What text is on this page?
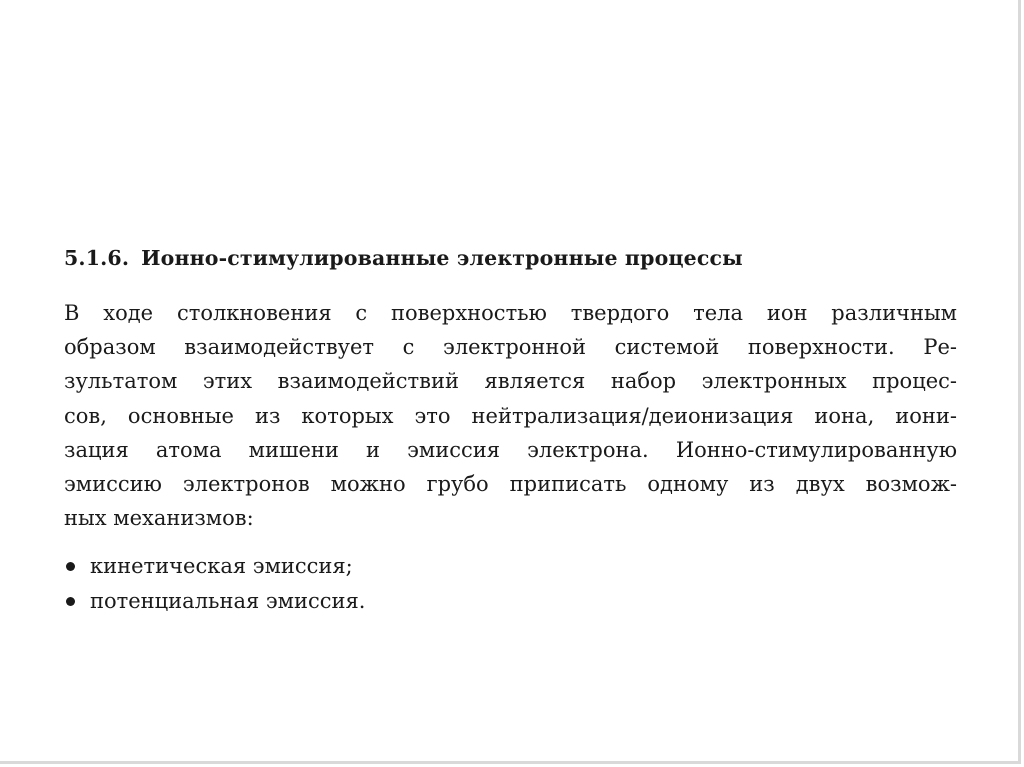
5.1.6. Ионно-стимулированные электронные процессы

В ходе столкновения с поверхностью твердого тела ион различным
образом взаимодействует с электронной системой поверхности. Ре-
зультатом этих взаимодействий является набор электронных процес-
сов, основные из которых это нейтрализация/деионизация иона, иони-
зация атома мишени и эмиссия электрона. Ионно-стимулированную
эмиссию электронов можно грубо приписать одному из двух возмож-
ных механизмов:

кинетическая эмиссия;
потенциальная эмиссия.
